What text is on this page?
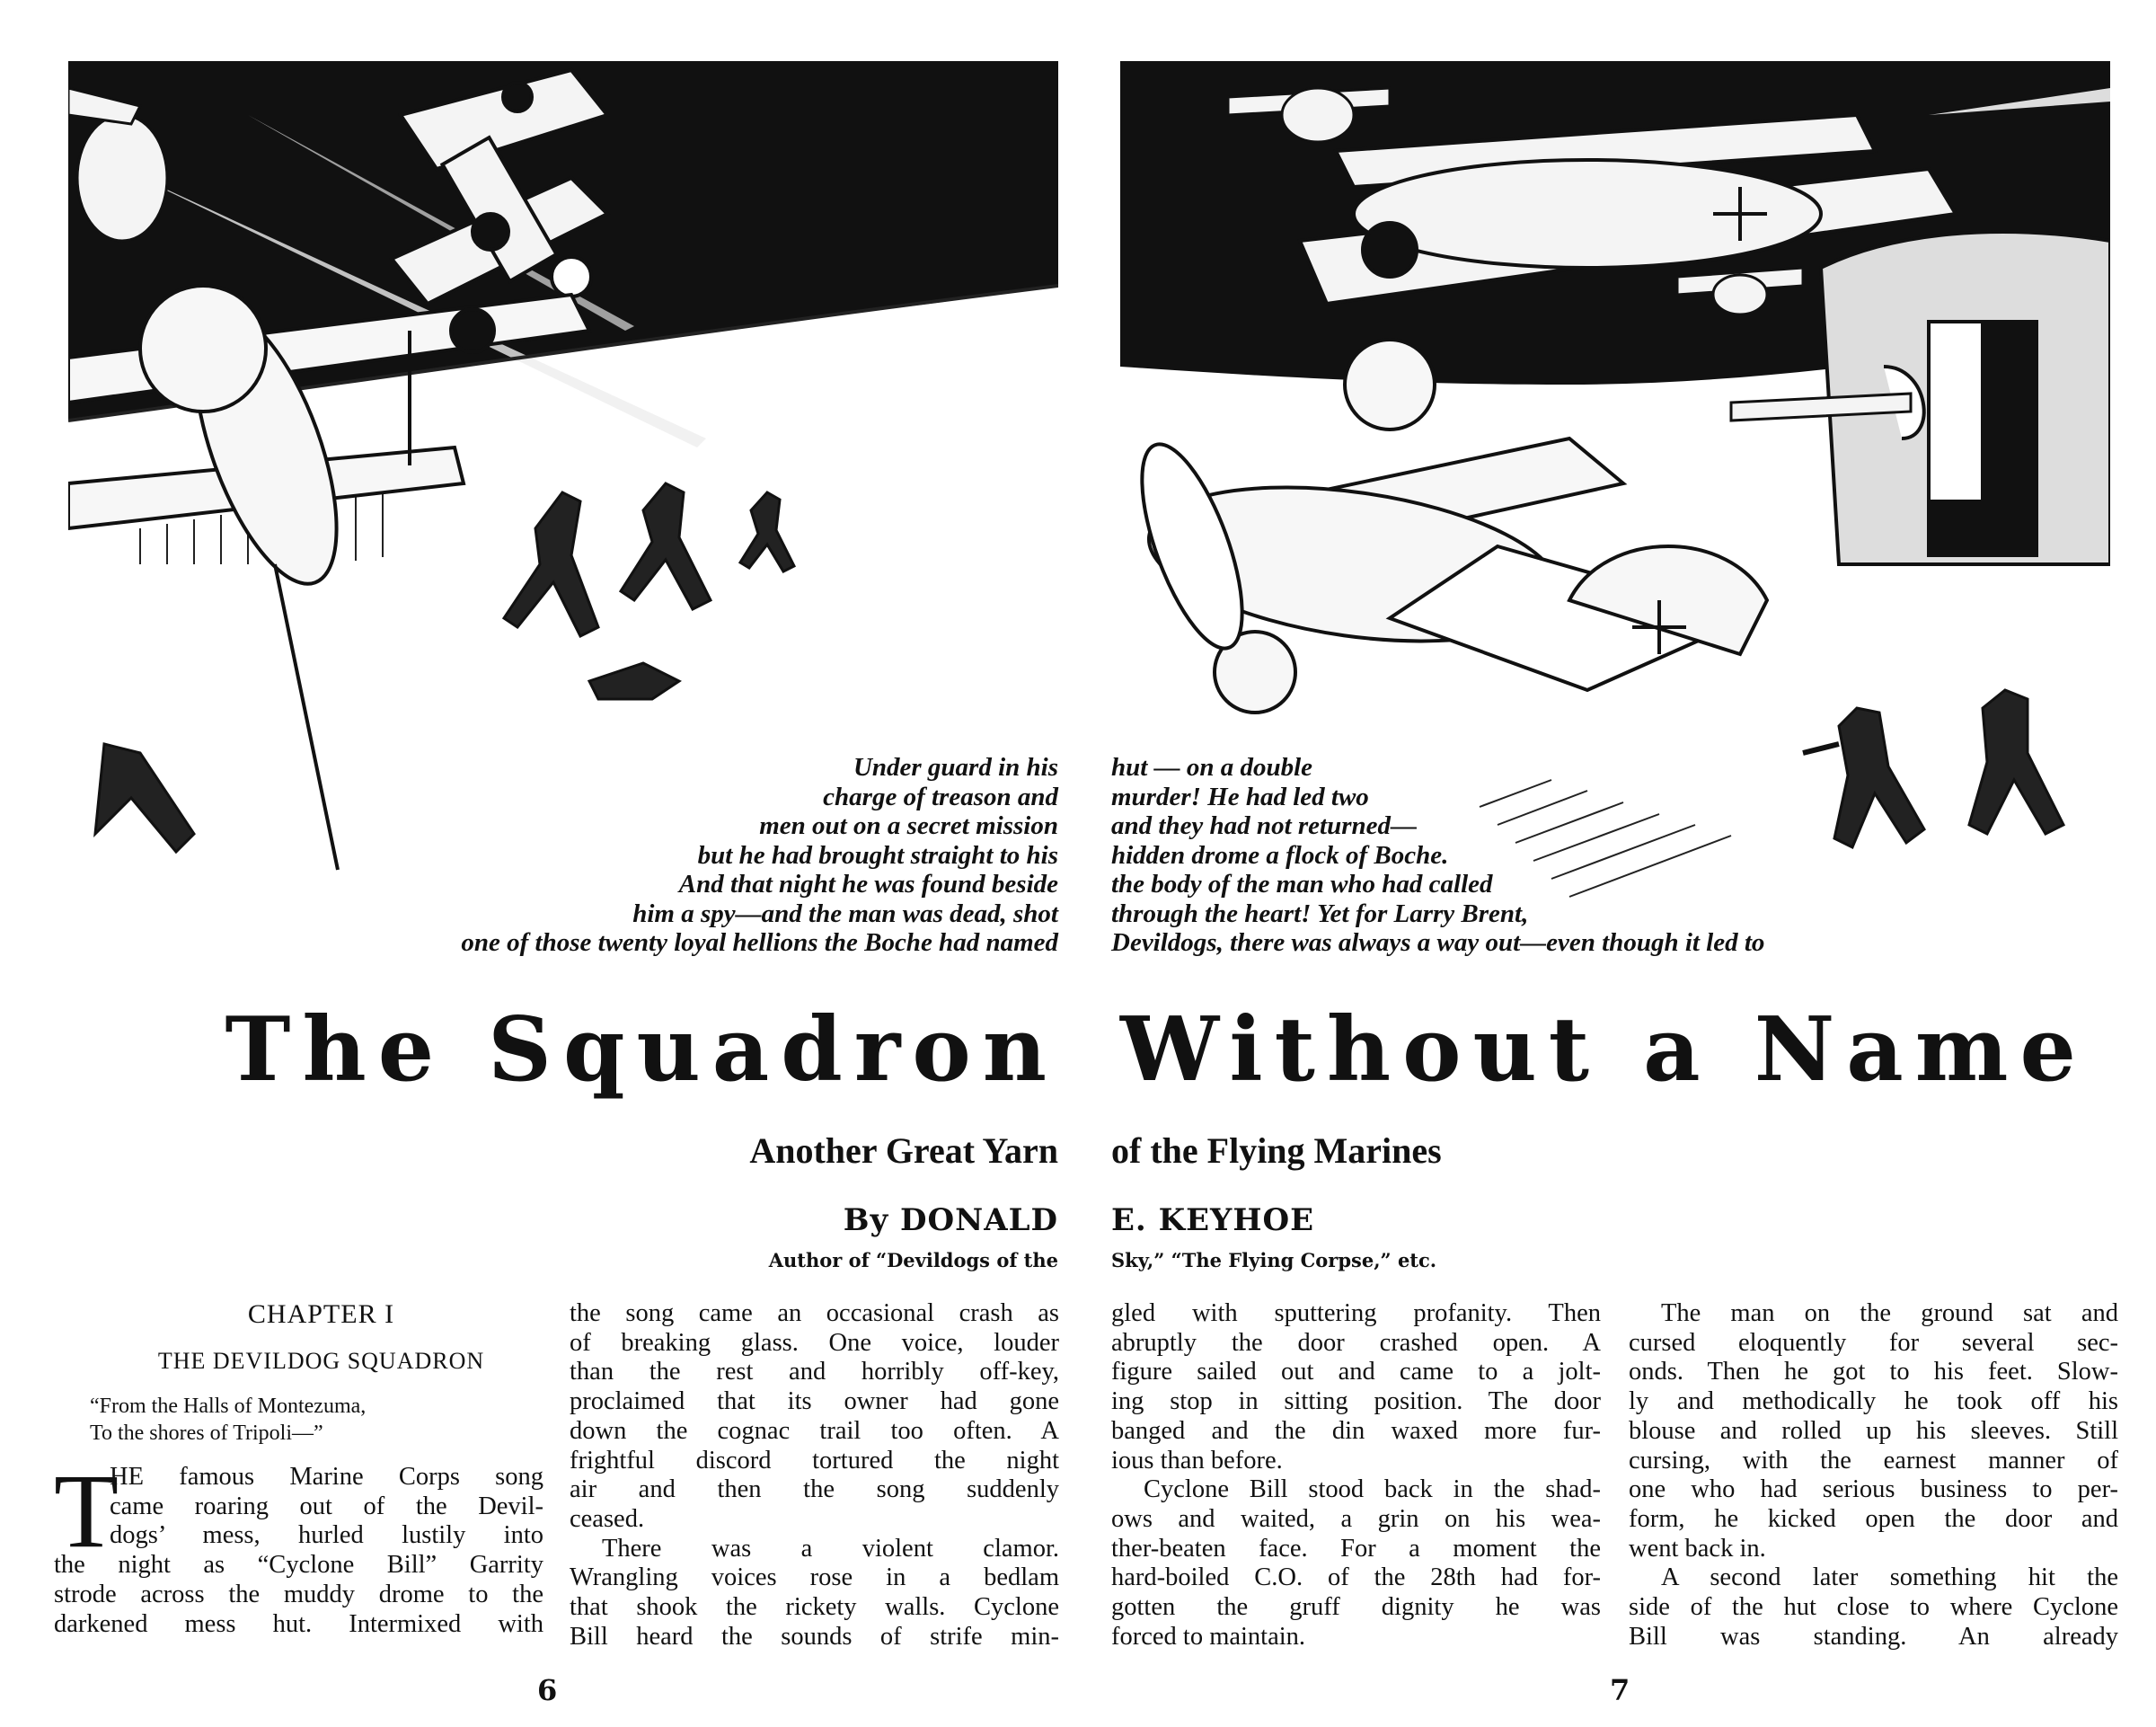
Under guard in his
charge of treason and
men out on a secret mission
but he had brought straight to his
And that night he was found beside
him a spy—and the man was dead, shot
one of those twenty loyal hellions the Boche had named
hut — on a double
murder! He had led two
and they had not returned—
hidden drome a flock of Boche.
the body of the man who had called
through the heart! Yet for Larry Brent,
Devildogs, there was always a way out—even though it led to
The Squadron Without a Name
Another Great Yarn of the Flying Marines
By DONALD E. KEYHOE
Author of “Devildogs of the	Sky,” “The Flying Corpse,” etc.
CHAPTER I
THE DEVILDOG SQUADRON
“From the Halls of Montezuma,
To the shores of Tripoli—”
T
HE famous Marine Corps song
came roaring out of the Devil-
dogs’ mess, hurled lustily into
the night as “Cyclone Bill” Garrity
strode across the muddy drome to the
darkened mess hut. Intermixed with
the song came an occasional crash as
of breaking glass. One voice, louder
than the rest and horribly off-key,
proclaimed that its owner had gone
down the cognac trail too often. A
frightful discord tortured the night
air and then the song suddenly
ceased.
There was a violent clamor.
Wrangling voices rose in a bedlam
that shook the rickety walls. Cyclone
Bill heard the sounds of strife min-
gled with sputtering profanity. Then
abruptly the door crashed open. A
figure sailed out and came to a jolt-
ing stop in sitting position. The door
banged and the din waxed more fur-
ious than before.
Cyclone Bill stood back in the shad-
ows and waited, a grin on his wea-
ther-beaten face. For a moment the
hard-boiled C.O. of the 28th had for-
gotten the gruff dignity he was
forced to maintain.
The man on the ground sat and
cursed eloquently for several sec-
onds. Then he got to his feet. Slow-
ly and methodically he took off his
blouse and rolled up his sleeves. Still
cursing, with the earnest manner of
one who had serious business to per-
form, he kicked open the door and
went back in.
A second later something hit the
side of the hut close to where Cyclone
Bill was standing. An already
6	7
